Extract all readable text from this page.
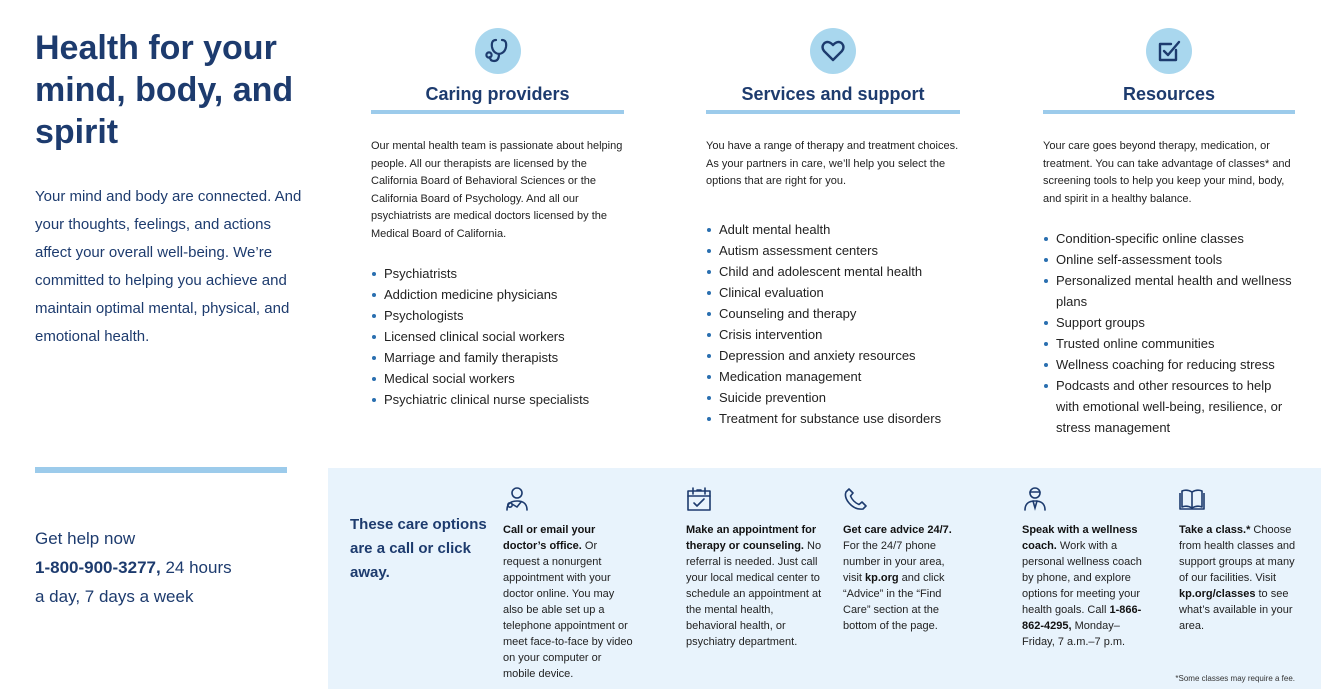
Health for your mind, body, and spirit

Your mind and body are connected. And your thoughts, feelings, and actions affect your overall well-being. We’re committed to helping you achieve and maintain optimal mental, physical, and emotional health.

Get help now
1-800-900-3277, 24 hours
a day, 7 days a week
Caring providers

Our mental health team is passionate about helping people. All our therapists are licensed by the California Board of Behavioral Sciences or the California Board of Psychology. And all our psychiatrists are medical doctors licensed by the Medical Board of California.

Psychiatrists
Addiction medicine physicians
Psychologists
Licensed clinical social workers
Marriage and family therapists
Medical social workers
Psychiatric clinical nurse specialists
Services and support

You have a range of therapy and treatment choices. As your partners in care, we’ll help you select the options that are right for you.

Adult mental health
Autism assessment centers
Child and adolescent mental health
Clinical evaluation
Counseling and therapy
Crisis intervention
Depression and anxiety resources
Medication management
Suicide prevention
Treatment for substance use disorders
Resources

Your care goes beyond therapy, medication, or treatment. You can take advantage of classes* and screening tools to help you keep your mind, body, and spirit in a healthy balance.

Condition-specific online classes
Online self-assessment tools
Personalized mental health and wellness plans
Support groups
Trusted online communities
Wellness coaching for reducing stress
Podcasts and other resources to help with emotional well-being, resilience, or stress management
These care options are a call or click away.
Call or email your doctor’s office. Or request a nonurgent appointment with your doctor online. You may also be able set up a telephone appointment or meet face-to-face by video on your computer or mobile device.
Make an appointment for therapy or counseling. No referral is needed. Just call your local medical center to schedule an appointment at the mental health, behavioral health, or psychiatry department.
Get care advice 24/7. For the 24/7 phone number in your area, visit kp.org and click “Advice” in the “Find Care” section at the bottom of the page.
Speak with a wellness coach. Work with a personal wellness coach by phone, and explore options for meeting your health goals. Call 1-866-862-4295, Monday–Friday, 7 a.m.–7 p.m.
Take a class.* Choose from health classes and support groups at many of our facilities. Visit kp.org/classes to see what’s available in your area.
*Some classes may require a fee.
